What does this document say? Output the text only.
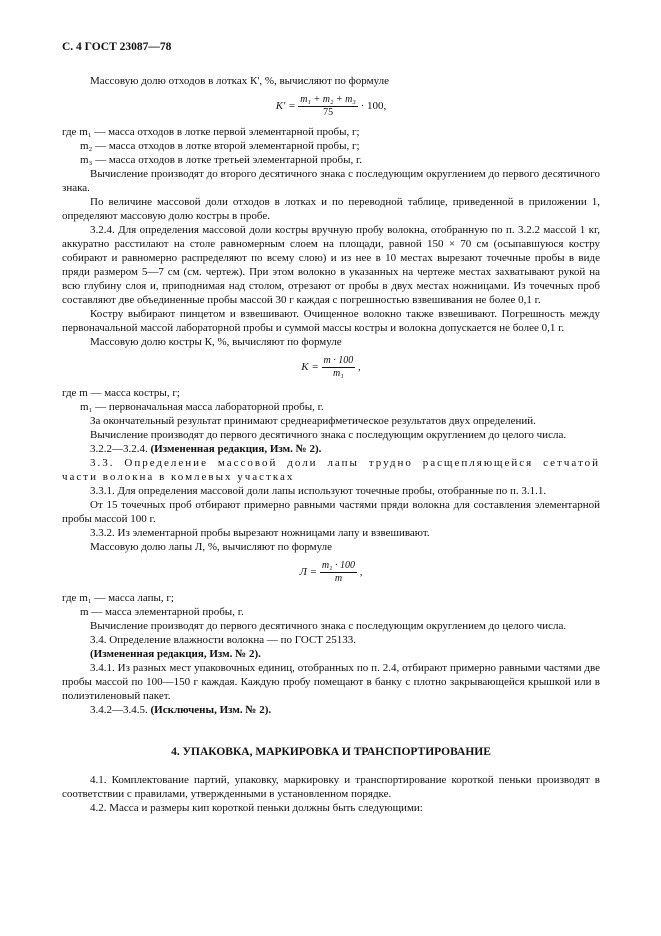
С. 4 ГОСТ 23087—78

Массовую долю отходов в лотках К', %, вычисляют по формуле

$К' = \frac{\text{m₁ + m₂ + m₃}}{75} \cdot 100$,
где m₁ — масса отходов в лотке первой элементарной пробы, г;
m₂ — масса отходов в лотке второй элементарной пробы, г;
m₃ — масса отходов в лотке третьей элементарной пробы, г.

Вычисление производят до второго десятичного знака с последующим округлением до первого десятичного знака.

По величине массовой доли отходов в лотках и по переводной таблице, приведенной в приложении 1, определяют массовую долю костры в пробе.

3.2.4. Для определения массовой доли костры вручную пробу волокна, отобранную по п. 3.2.2 массой 1 кг, аккуратно расстилают на столе равномерным слоем на площади, равной 150 × 70 см (осыпавшуюся костру собирают и равномерно распределяют по всему слою) и из нее в 10 местах вырезают точечные пробы в виде пряди размером 5—7 см (см. чертеж). При этом волокно в указанных на чертеже местах захватывают рукой на всю глубину слоя и, приподнимая над столом, отрезают от пробы в двух местах ножницами. Из точечных проб составляют две объединенные пробы массой 30 г каждая с погрешностью взвешивания не более 0,1 г.

Костру выбирают пинцетом и взвешивают. Очищенное волокно также взвешивают. Погрешность между первоначальной массой лабораторной пробы и суммой массы костры и волокна допускается не более 0,1 г.

Массовую долю костры К, %, вычисляют по формуле

$К = \frac{m \cdot 100}{\text{m₁}}$ ,
где m — масса костры, г;
m₁ — первоначальная масса лабораторной пробы, г.

За окончательный результат принимают среднеарифметическое результатов двух определений.

Вычисление производят до первого десятичного знака с последующим округлением до целого числа.

3.2.2—3.2.4. (Измененная редакция, Изм. № 2).

3.3. Определение массовой доли лапы трудно расщепляющейся сетчатой части волокна в комлевых участках

3.3.1. Для определения массовой доли лапы используют точечные пробы, отобранные по п. 3.1.1.

От 15 точечных проб отбирают примерно равными частями пряди волокна для составления элементарной пробы массой 100 г.

3.3.2. Из элементарной пробы вырезают ножницами лапу и взвешивают.

Массовую долю лапы Л, %, вычисляют по формуле

$Л = \frac{\text{m₁ · 100}}{m}$ ,
где m₁ — масса лапы, г;
m — масса элементарной пробы, г.

Вычисление производят до первого десятичного знака с последующим округлением до целого числа.

3.4. Определение влажности волокна — по ГОСТ 25133.

(Измененная редакция, Изм. № 2).

3.4.1. Из разных мест упаковочных единиц, отобранных по п. 2.4, отбирают примерно равными частями две пробы массой по 100—150 г каждая. Каждую пробу помещают в банку с плотно закрывающейся крышкой или в полиэтиленовый пакет.

3.4.2—3.4.5. (Исключены, Изм. № 2).

4. УПАКОВКА, МАРКИРОВКА И ТРАНСПОРТИРОВАНИЕ

4.1. Комплектование партий, упаковку, маркировку и транспортирование короткой пеньки производят в соответствии с правилами, утвержденными в установленном порядке.

4.2. Масса и размеры кип короткой пеньки должны быть следующими:
